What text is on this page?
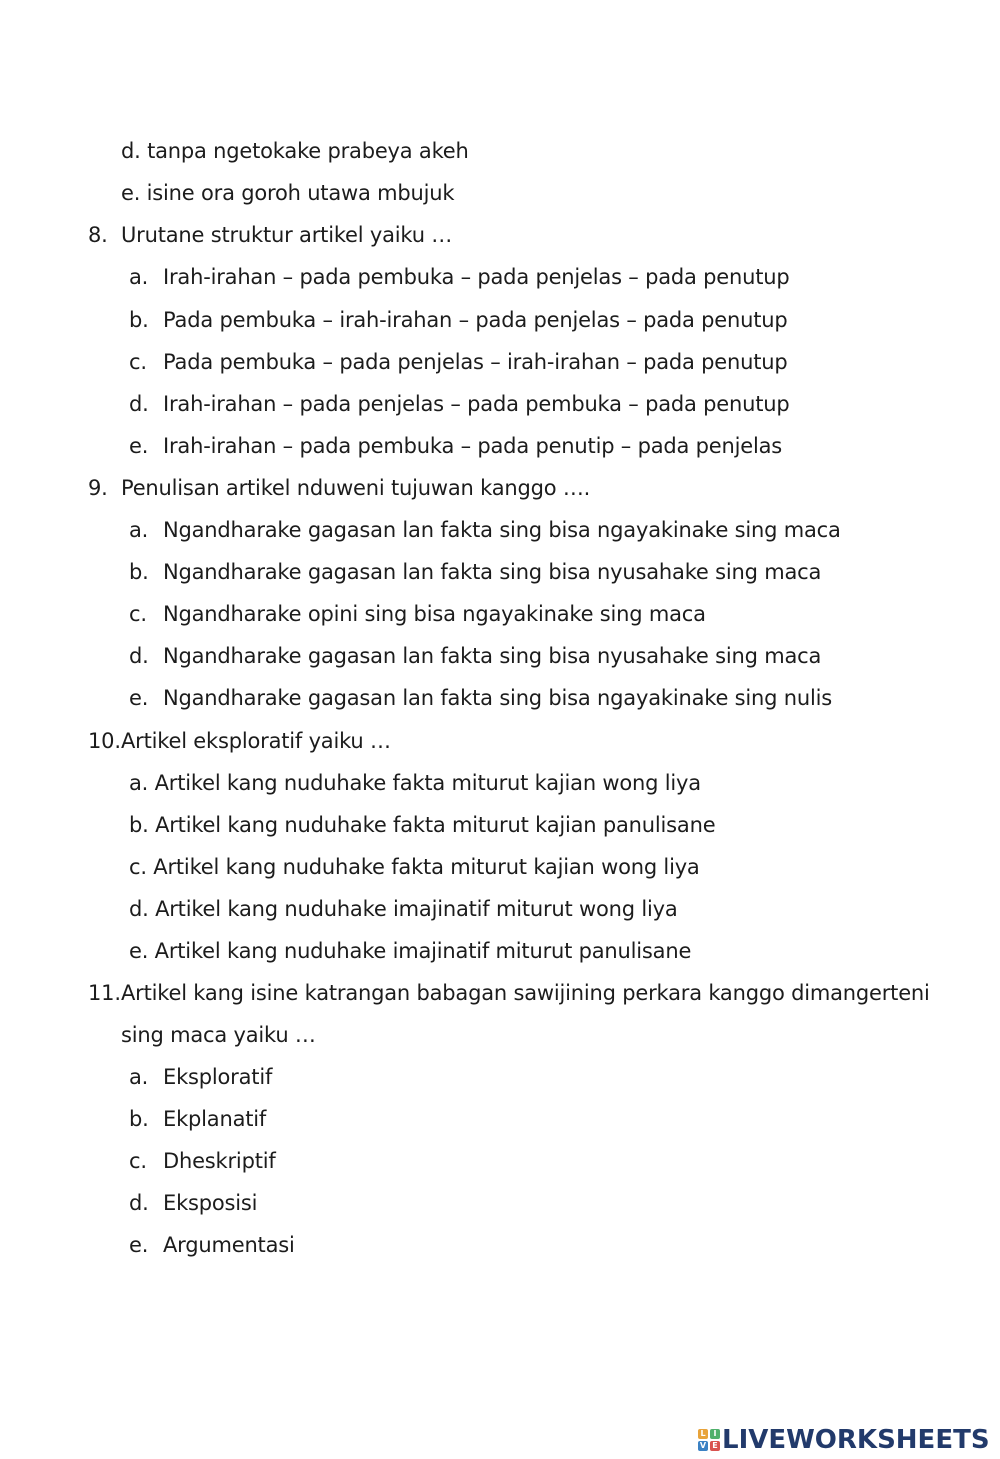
d. tanpa ngetokake prabeya akeh
e. isine ora goroh utawa mbujuk
8. Urutane struktur artikel yaiku …
a. Irah-irahan – pada pembuka – pada penjelas – pada penutup
b. Pada pembuka – irah-irahan – pada penjelas – pada penutup
c. Pada pembuka – pada penjelas – irah-irahan – pada penutup
d. Irah-irahan – pada penjelas – pada pembuka – pada penutup
e. Irah-irahan – pada pembuka – pada penutip – pada penjelas
9. Penulisan artikel nduweni tujuwan kanggo ….
a. Ngandharake gagasan lan fakta sing bisa ngayakinake sing maca
b. Ngandharake gagasan lan fakta sing bisa nyusahake sing maca
c. Ngandharake opini sing bisa ngayakinake sing maca
d. Ngandharake gagasan lan fakta sing bisa nyusahake sing maca
e. Ngandharake gagasan lan fakta sing bisa ngayakinake sing nulis
10.Artikel eksploratif yaiku …
a. Artikel kang nuduhake fakta miturut kajian wong liya
b. Artikel kang nuduhake fakta miturut kajian panulisane
c. Artikel kang nuduhake fakta miturut kajian wong liya
d. Artikel kang nuduhake imajinatif miturut wong liya
e. Artikel kang nuduhake imajinatif miturut panulisane
11.Artikel kang isine katrangan babagan sawijining perkara kanggo dimangerteni
sing maca yaiku …
a. Eksploratif
b. Ekplanatif
c. Dheskriptif
d. Eksposisi
e. Argumentasi
L I
V E LIVEWORKSHEETS
